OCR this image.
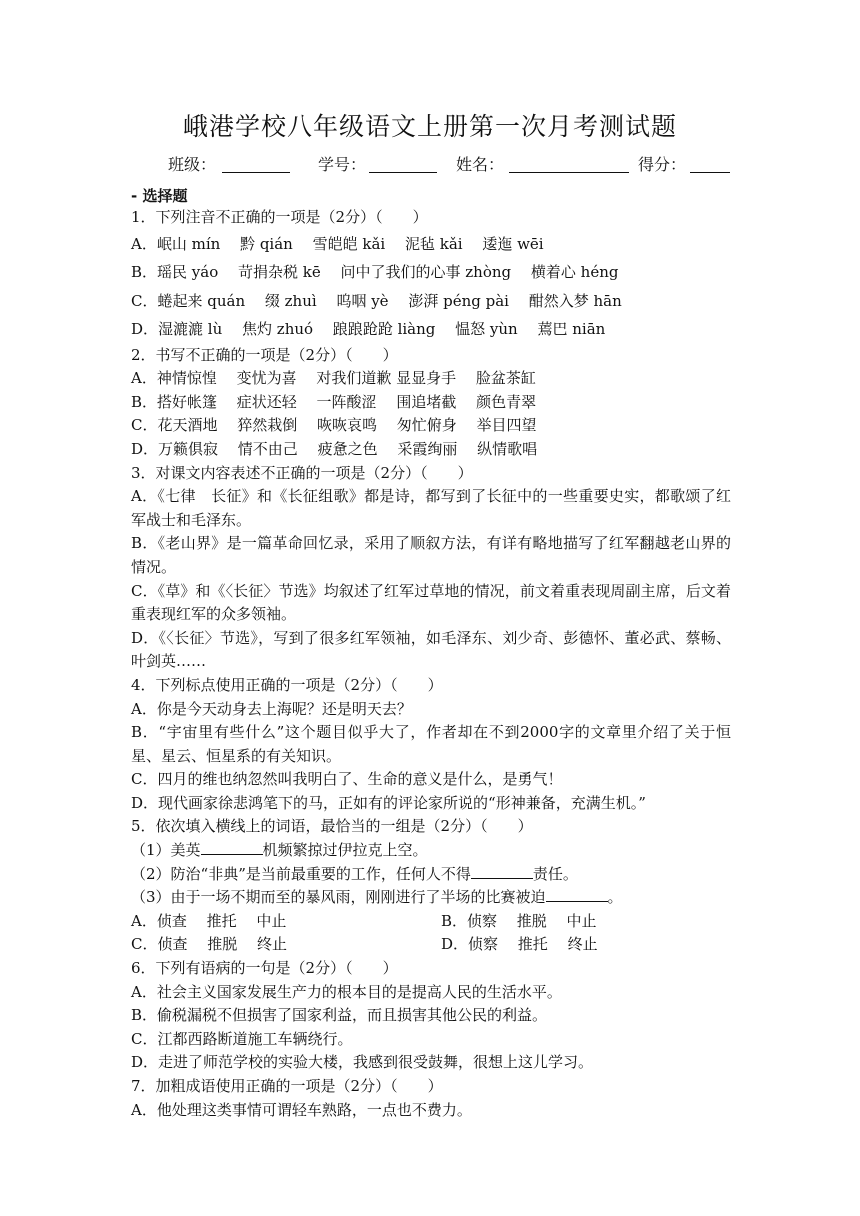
峨港学校八年级语文上册第一次月考测试题
班级：	学号：	姓名：	得分：
- 选择题
1．下列注音不正确的一项是（2分）（　　）
A．岷山 mín　 黔 qián　 雪皑皑 kǎi　 泥毡 kǎi　 逶迤 wēi
B．瑶民 yáo　 苛捐杂税 kē　 问中了我们的心事 zhòng　 横着心 héng
C．蜷起来 quán　 缀 zhuì　 呜咽 yè　 澎湃 péng pài　 酣然入梦 hān
D．湿漉漉 lù　 焦灼 zhuó　 踉踉跄跄 liàng　 愠怒 yùn　 蔫巴 niān
2．书写不正确的一项是（2分）（　　）
A．神情惊惶　 变忧为喜　 对我们道歉 显显身手　 脸盆茶缸
B．搭好帐篷　 症状还轻　 一阵酸涩　 围追堵截　 颜色青翠
C．花天酒地　 猝然栽倒　 咴咴哀鸣　 匆忙俯身　 举目四望
D．万籁俱寂　 情不由己　 疲惫之色　 采霞绚丽　 纵情歌唱
3．对课文内容表述不正确的一项是（2分）（　　）
A．《七律　长征》和《长征组歌》都是诗，都写到了长征中的一些重要史实，都歌颂了红军战士和毛泽东。
B．《老山界》是一篇革命回忆录，采用了顺叙方法，有详有略地描写了红军翻越老山界的情况。
C．《草》和《〈长征〉节选》均叙述了红军过草地的情况，前文着重表现周副主席，后文着重表现红军的众多领袖。
D．《〈长征〉节选》，写到了很多红军领袖，如毛泽东、刘少奇、彭德怀、董必武、蔡畅、叶剑英……
4．下列标点使用正确的一项是（2分）（　　）
A．你是今天动身去上海呢？还是明天去？
B．“宇宙里有些什么”这个题目似乎大了，作者却在不到2000字的文章里介绍了关于恒星、星云、恒星系的有关知识。
C．四月的维也纳忽然叫我明白了、生命的意义是什么，是勇气！
D．现代画家徐悲鸿笔下的马，正如有的评论家所说的“形神兼备，充满生机。”
5．依次填入横线上的词语，最恰当的一组是（2分）（　　）
（1）美英	机频繁掠过伊拉克上空。
（2）防治“非典”是当前最重要的工作，任何人不得	责任。
（3）由于一场不期而至的暴风雨，刚刚进行了半场的比赛被迫	。
A．侦查　 推托　 中止	B．侦察　 推脱　 中止
C．侦查　 推脱　 终止	D．侦察　 推托　 终止
6．下列有语病的一句是（2分）（　　）
A．社会主义国家发展生产力的根本目的是提高人民的生活水平。
B．偷税漏税不但损害了国家利益，而且损害其他公民的利益。
C．江都西路断道施工车辆绕行。
D．走进了师范学校的实验大楼，我感到很受鼓舞，很想上这儿学习。
7．加粗成语使用正确的一项是（2分）（　　）
A．他处理这类事情可谓轻车熟路，一点也不费力。
